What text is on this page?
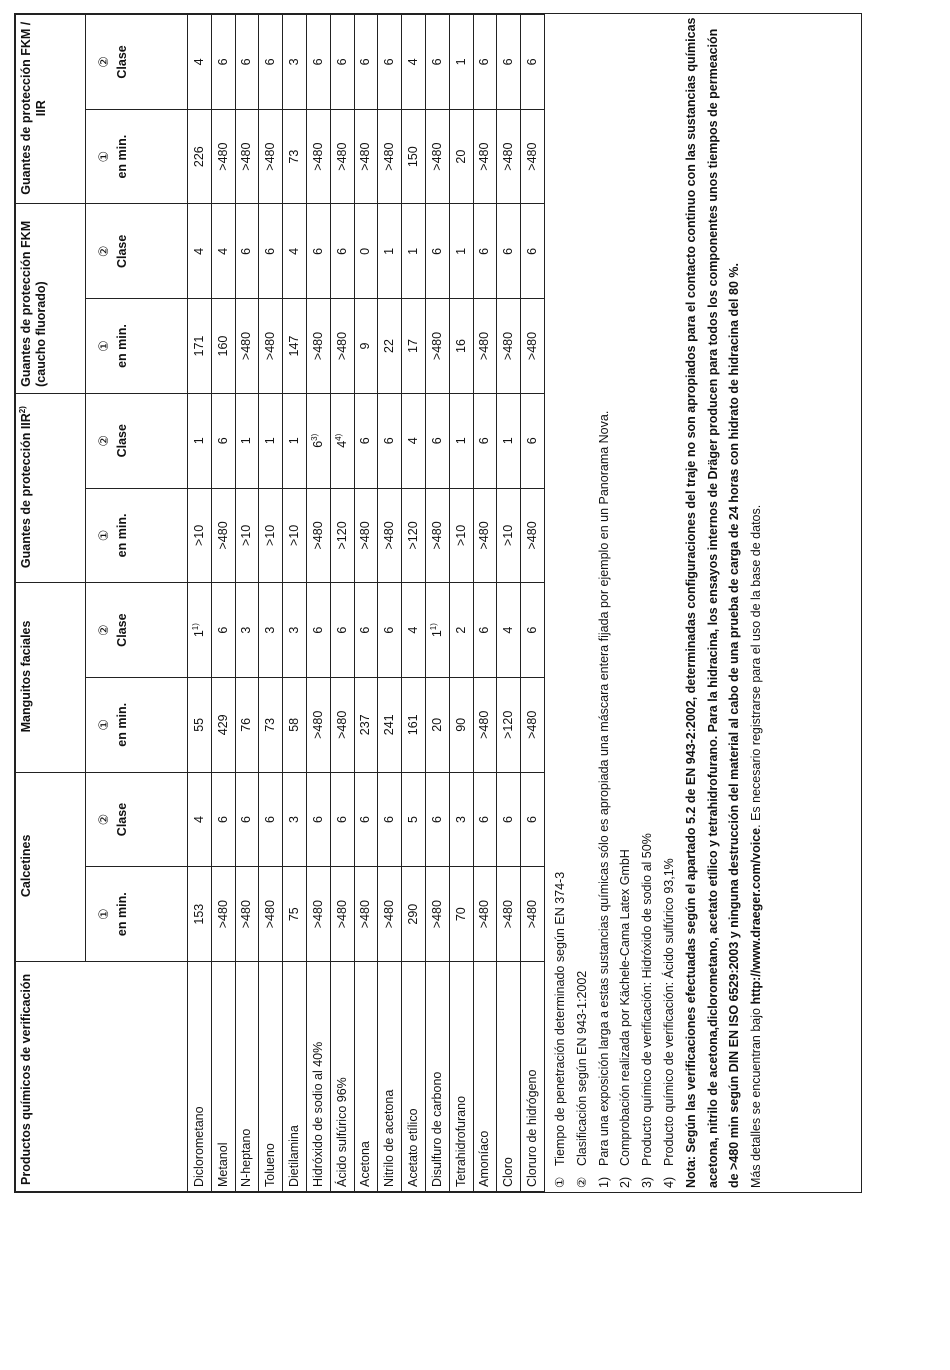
Productos químicos de verificación	Calcetines		Manguitos faciales		Guantes de protección IIR$^{2)}$		Guantes de protección FKM (caucho fluorado)		Guantes de protección FKM / IIR	

	① en min.	② Clase	① en min.	② Clase	① en min.	② Clase	① en min.	② Clase	① en min.	② Clase
Diclorometano	153	4	55	$1^{1)}$	>10	1	171	4	226	4
Metanol	>480	6	429	6	>480	6	160	4	>480	6
N-heptano	>480	6	76	3	>10	1	>480	6	>480	6
Tolueno	>480	6	73	3	>10	1	>480	6	>480	6
Dietilamina	75	3	58	3	>10	1	147	4	73	3
Hidróxido de sodio al 40%	>480	6	>480	6	>480	$6^{3)}$	>480	6	>480	6
Ácido sulfúrico 96%	>480	6	>480	6	>120	$4^{4)}$	>480	6	>480	6
Acetona	>480	6	237	6	>480	6	9	0	>480	6
Nitrilo de acetona	>480	6	241	6	>480	6	22	1	>480	6
Acetato etílico	290	5	161	4	>120	4	17	1	150	4
Disulfuro de carbono	>480	6	20	$1^{1)}$	>480	6	>480	6	>480	6
Tetrahidrofurano	70	3	90	2	>10	1	16	1	20	1
Amoníaco	>480	6	>480	6	>480	6	>480	6	>480	6
Cloro	>480	6	>120	4	>10	1	>480	6	>480	6
Cloruro de hidrógeno	>480	6	>480	6	>480	6	>480	6	>480	6
①Tiempo de penetración determinado según EN 374-3
②Clasificación según EN 943-1:2002
1)Para una exposición larga a estas sustancias químicas sólo es apropiada una máscara entera fijada por ejemplo en un Panorama Nova.
2)Comprobación realizada por Kächele-Cama Latex GmbH
3)Producto químico de verificación: Hidróxido de sodio al 50%
4)Producto químico de verificación: Ácido sulfúrico 93,1% Nota: Según las verificaciones efectuadas según el apartado 5.2 de EN 943-2:2002, determinadas configuraciones del traje no son apropiados para el contacto continuo con las sustancias químicas acetona, nitrilo de acetona,diclorometano, acetato etílico y tetrahidrofurano. Para la hidracina, los ensayos internos de Dräger producen para todos los componentes unos tiempos de permeación de >480 min según DIN EN ISO 6529:2003 y ninguna destrucción del material al cabo de una prueba de carga de 24 horas con hidrato de hidracina del 80 %. Más detalles se encuentran bajo http://www.draeger.com/voice. Es necesario registrarse para el uso de la base de datos.
